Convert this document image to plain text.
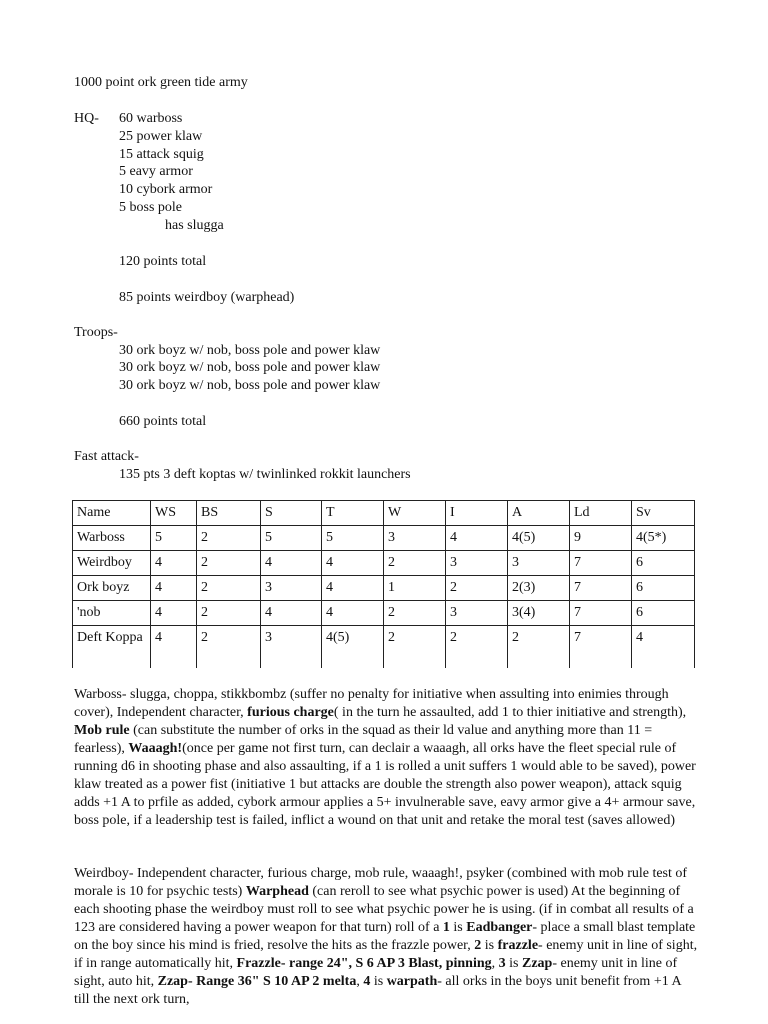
1000 point ork green tide army
HQ- 60 warboss
25 power klaw
15 attack squig
5 eavy armor
10 cybork armor
5 boss pole
has slugga
120 points total
85 points weirdboy (warphead)
Troops-
30 ork boyz w/ nob, boss pole and power klaw
30 ork boyz w/ nob, boss pole and power klaw
30 ork boyz w/ nob, boss pole and power klaw
660 points total
Fast attack-
135 pts 3 deft koptas w/ twinlinked rokkit launchers
Name	WS	BS	S	T	W	I	A	Ld	Sv
Warboss	5	2	5	5	3	4	4(5)	9	4(5*)
Weirdboy	4	2	4	4	2	3	3	7	6
Ork boyz	4	2	3	4	1	2	2(3)	7	6
'nob	4	2	4	4	2	3	3(4)	7	6
Deft Koppa	4	2	3	4(5)	2	2	2	7	4
Warboss- slugga, choppa, stikkbombz (suffer no penalty for initiative when assulting into enimies through cover), Independent character, furious charge( in the turn he assaulted, add 1 to thier initiative and strength), Mob rule (can substitute the number of orks in the squad as their ld value and anything more than 11 = fearless), Waaagh!(once per game not first turn, can declair a waaagh, all orks have the fleet special rule of running d6 in shooting phase and also assaulting, if a 1 is rolled a unit suffers 1 would able to be saved), power klaw treated as a power fist (initiative 1 but attacks are double the strength also power weapon), attack squig adds +1 A to prfile as added, cybork armour applies a 5+ invulnerable save, eavy armor give a 4+ armour save, boss pole, if a leadership test is failed, inflict a wound on that unit and retake the moral test (saves allowed)
Weirdboy- Independent character, furious charge, mob rule, waaagh!, psyker (combined with mob rule test of morale is 10 for psychic tests) Warphead (can reroll to see what psychic power is used) At the beginning of each shooting phase the weirdboy must roll to see what psychic power he is using. (if in combat all results of a 123 are considered having a power weapon for that turn) roll of a 1 is Eadbanger- place a small blast template on the boy since his mind is fried, resolve the hits as the frazzle power, 2 is frazzle- enemy unit in line of sight, if in range automatically hit, Frazzle- range 24", S 6 AP 3 Blast, pinning, 3 is Zzap- enemy unit in line of sight, auto hit, Zzap- Range 36" S 10 AP 2 melta, 4 is warpath- all orks in the boys unit benefit from +1 A till the next ork turn,
